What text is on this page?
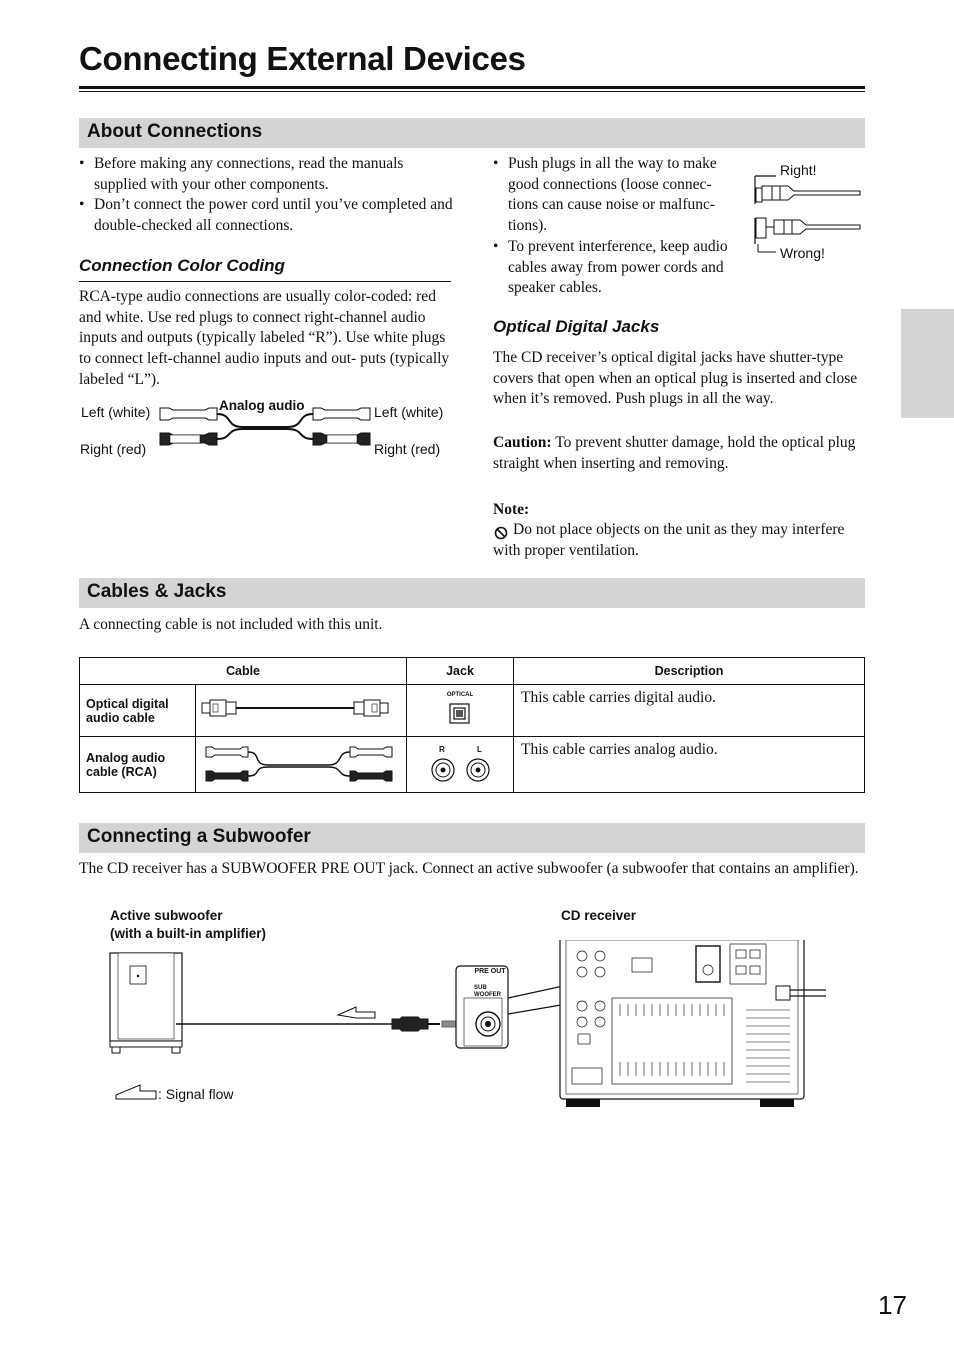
Connecting External Devices
About Connections
• Before making any connections, read the manuals supplied with your other components.
• Don’t connect the power cord until you’ve completed and double-checked all connections.
• Push plugs in all the way to make good connections (loose connec- tions can cause noise or malfunc- tions).
• To prevent interference, keep audio cables away from power cords and speaker cables.
Right!
Wrong!
Connection Color Coding
RCA-type audio connections are usually color-coded: red and white. Use red plugs to connect right-channel audio inputs and outputs (typically labeled “R”). Use white plugs to connect left-channel audio inputs and out- puts (typically labeled “L”).
Analog audio
Left (white)
Right (red)
Left (white)
Right (red)
Optical Digital Jacks
The CD receiver’s optical digital jacks have shutter-type covers that open when an optical plug is inserted and close when it’s removed. Push plugs in all the way.
Caution: To prevent shutter damage, hold the optical plug straight when inserting and removing.
Note:
Do not place objects on the unit as they may interfere with proper ventilation.
Cables & Jacks
A connecting cable is not included with this unit.
Cable		Jack	Description
Optical digital audio cable		OPTICAL	This cable carries digital audio.
Analog audio cable (RCA)		R L	This cable carries analog audio.
Connecting a Subwoofer
The CD receiver has a SUBWOOFER PRE OUT jack. Connect an active subwoofer (a subwoofer that contains an amplifier).
Active subwoofer
(with a built-in amplifier)
CD receiver
PRE OUT
SUB
WOOFER
: Signal flow
17
